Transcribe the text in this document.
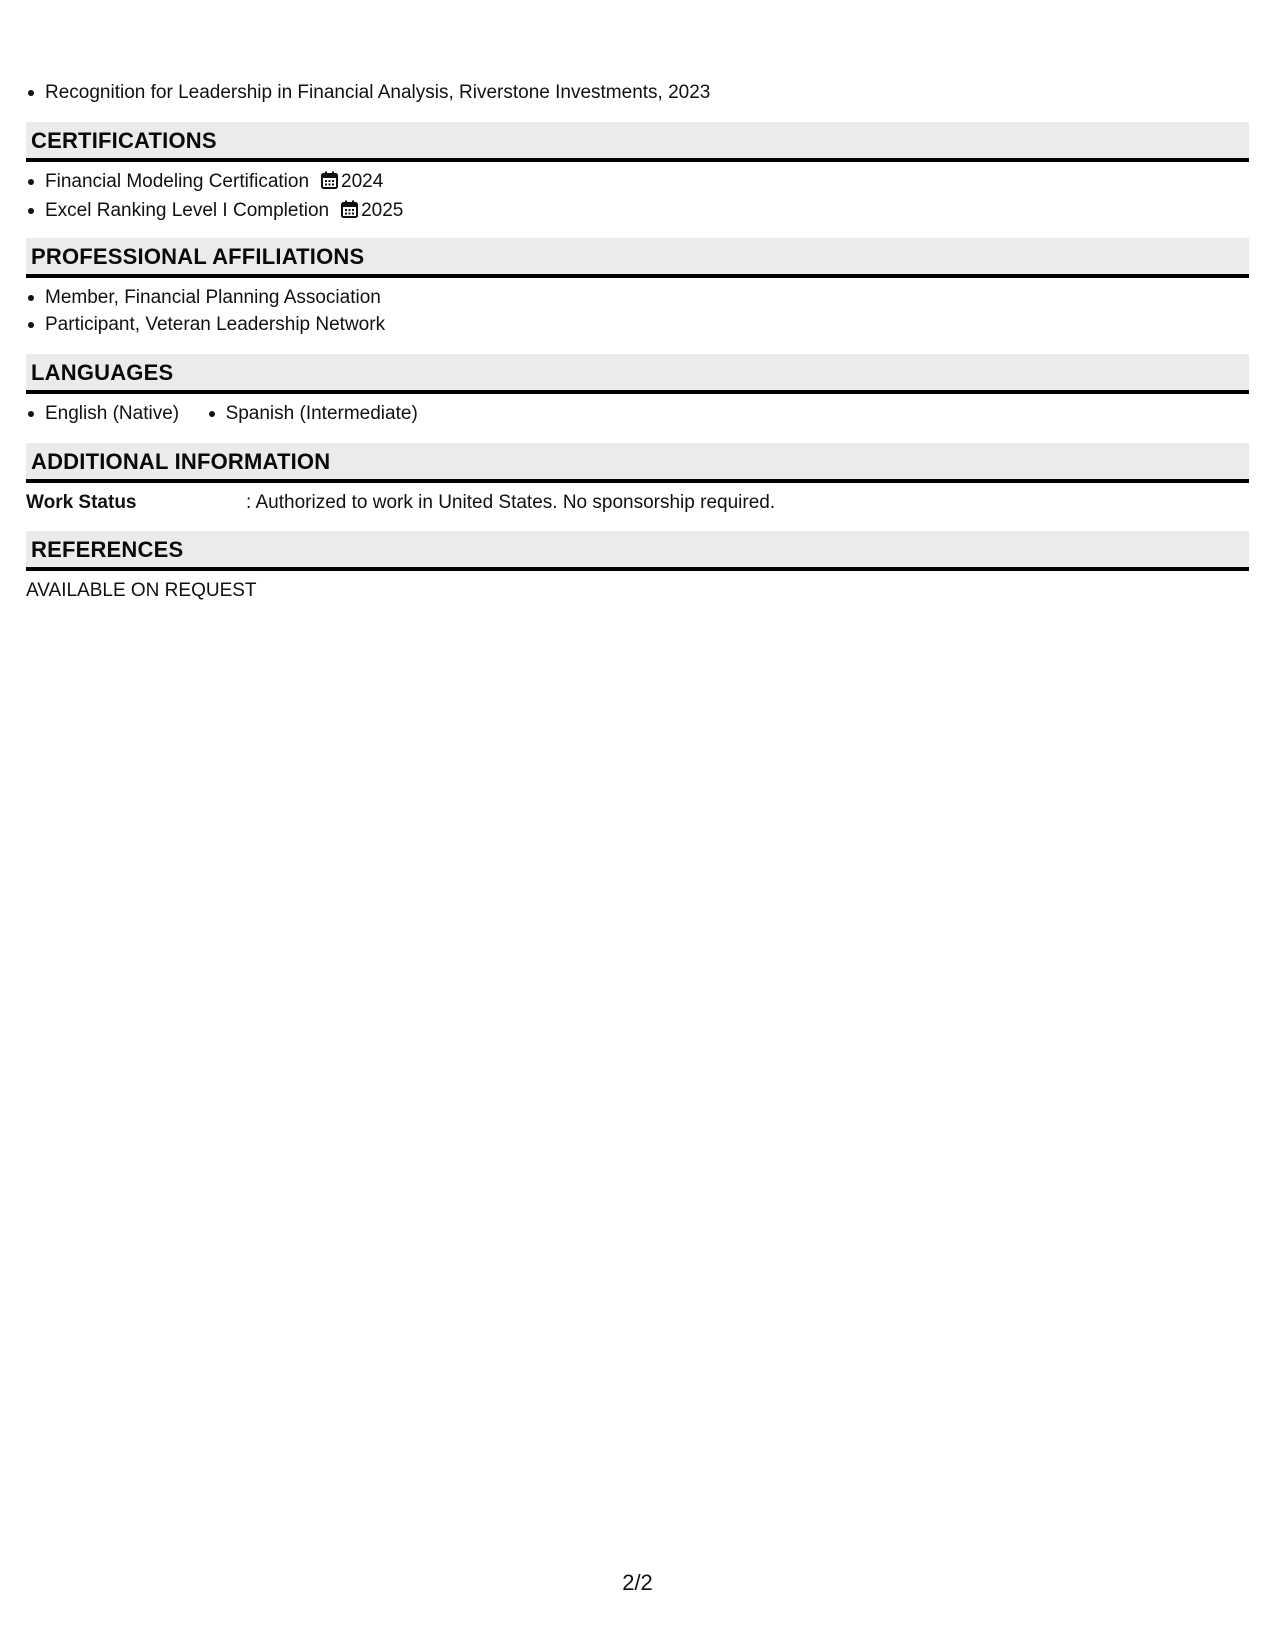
Recognition for Leadership in Financial Analysis, Riverstone Investments, 2023
CERTIFICATIONS
Financial Modeling Certification 2024
Excel Ranking Level I Completion 2025
PROFESSIONAL AFFILIATIONS
Member, Financial Planning Association
Participant, Veteran Leadership Network
LANGUAGES
English (Native) Spanish (Intermediate)
ADDITIONAL INFORMATION
Work Status	: Authorized to work in United States. No sponsorship required.
REFERENCES
AVAILABLE ON REQUEST
2/2
